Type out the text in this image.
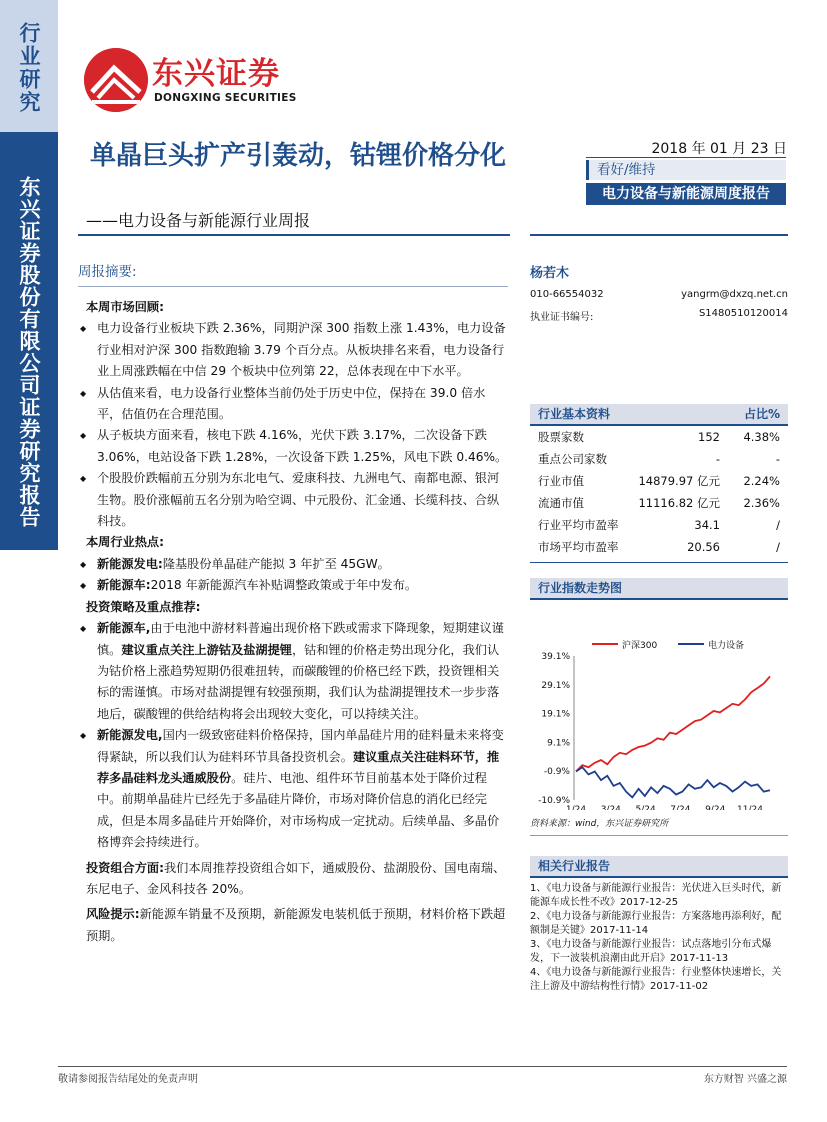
行业研究
东兴证券股份有限公司证券研究报告
东兴证券
DONGXING SECURITIES
单晶巨头扩产引轰动，钴锂价格分化
——电力设备与新能源行业周报
2018 年 01 月 23 日
看好/维持
电力设备与新能源周度报告
周报摘要:

本周市场回顾:

◆ 电力设备行业板块下跌 2.36%，同期沪深 300 指数上涨 1.43%，电力设备行业相对沪深 300 指数跑输 3.79 个百分点。从板块排名来看，电力设备行业上周涨跌幅在中信 29 个板块中位列第 22，总体表现在中下水平。

◆ 从估值来看，电力设备行业整体当前仍处于历史中位，保持在 39.0 倍水平，估值仍在合理范围。

◆ 从子板块方面来看，核电下跌 4.16%，光伏下跌 3.17%，二次设备下跌 3.06%，电站设备下跌 1.28%，一次设备下跌 1.25%，风电下跌 0.46%。

◆ 个股股价跌幅前五分别为东北电气、爱康科技、九洲电气、南都电源、银河生物。股价涨幅前五名分别为哈空调、中元股份、汇金通、长缆科技、合纵科技。

本周行业热点:

◆ 新能源发电:隆基股份单晶硅产能拟 3 年扩至 45GW。

◆ 新能源车:2018 年新能源汽车补贴调整政策或于年中发布。

投资策略及重点推荐:

◆ 新能源车,由于电池中游材料普遍出现价格下跌或需求下降现象，短期建议谨慎。建议重点关注上游钴及盐湖提锂，钴和锂的价格走势出现分化，我们认为钴价格上涨趋势短期仍很难扭转，而碳酸锂的价格已经下跌，投资锂相关标的需谨慎。市场对盐湖提锂有较强预期，我们认为盐湖提锂技术一步步落地后，碳酸锂的供给结构将会出现较大变化，可以持续关注。

◆ 新能源发电,国内一级致密硅料价格保持，国内单晶硅片用的硅料量未来将变得紧缺，所以我们认为硅料环节具备投资机会。建议重点关注硅料环节，推荐多晶硅料龙头通威股份。硅片、电池、组件环节目前基本处于降价过程中。前期单晶硅片已经先于多晶硅片降价，市场对降价信息的消化已经完成，但是本周多晶硅片开始降价，对市场构成一定扰动。后续单晶、多晶价格博弈会持续进行。

投资组合方面:我们本周推荐投资组合如下，通威股份、盐湖股份、国电南瑞、东尼电子、金风科技各 20%。

风险提示:新能源车销量不及预期，新能源发电装机低于预期，材料价格下跌超预期。

杨若木
010-66554032	yangrm@dxzq.net.cn
执业证书编号:	S1480510120014
行业基本资料	占比%
股票家数	152	4.38%
重点公司家数	-	-
行业市值	14879.97 亿元	2.24%
流通市值	11116.82 亿元	2.36%
行业平均市盈率	34.1	/
市场平均市盈率	20.56	/
行业指数走势图
沪深300	电力设备
39.1%
29.1%
19.1%
9.1%
-0.9%
-10.9%
1/24 3/24 5/24 7/24 9/24 11/24
资料来源：wind，东兴证券研究所
相关行业报告
1、《电力设备与新能源行业报告：光伏进入巨头时代，新能源车成长性不改》2017-12-25
2、《电力设备与新能源行业报告：方案落地再添利好，配额制是关键》2017-11-14
3、《电力设备与新能源行业报告：试点落地引分布式爆发，下一波装机浪潮由此开启》2017-11-13
4、《电力设备与新能源行业报告：行业整体快速增长，关注上游及中游结构性行情》2017-11-02
敬请参阅报告结尾处的免责声明	东方财智 兴盛之源
